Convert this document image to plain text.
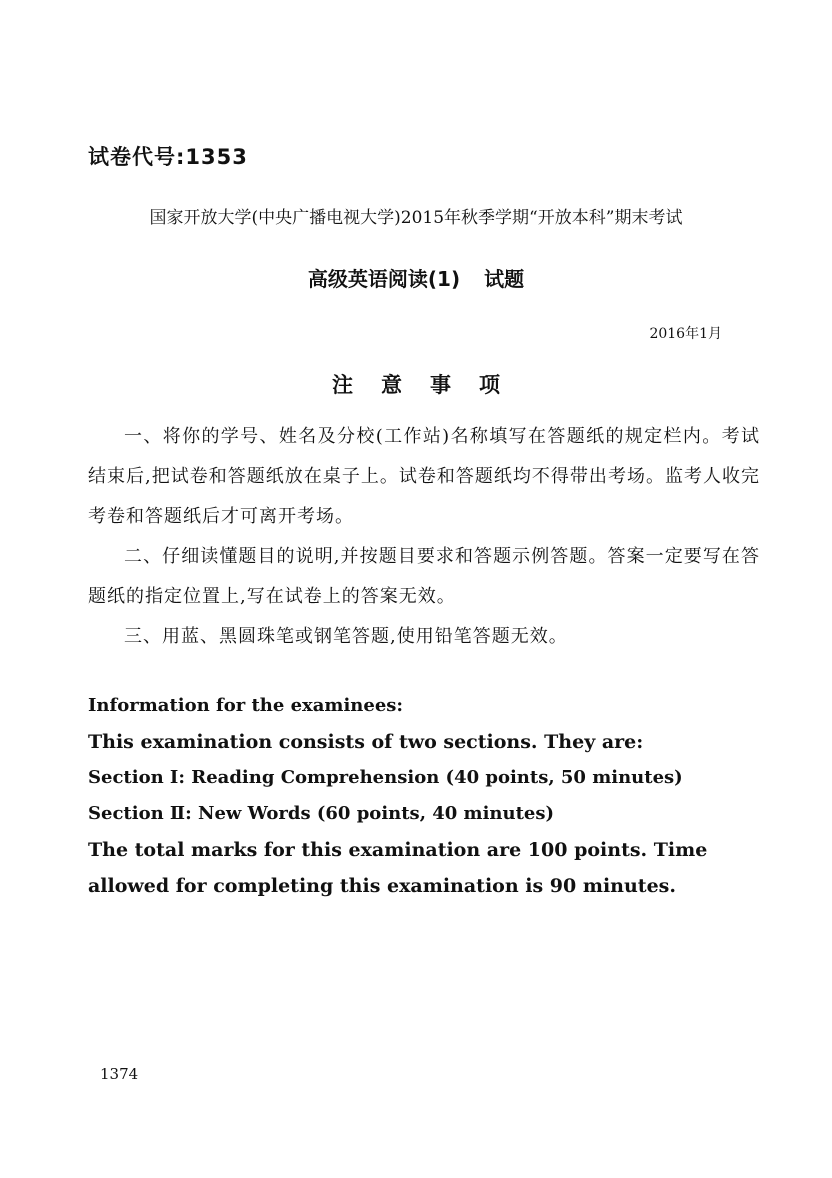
试卷代号:1353
国家开放大学(中央广播电视大学)2015年秋季学期“开放本科”期末考试
高级英语阅读(1) 试题
2016年1月
注意事项

一、将你的学号、姓名及分校(工作站)名称填写在答题纸的规定栏内。考试结束后,把试卷和答题纸放在桌子上。试卷和答题纸均不得带出考场。监考人收完考卷和答题纸后才可离开考场。

二、仔细读懂题目的说明,并按题目要求和答题示例答题。答案一定要写在答题纸的指定位置上,写在试卷上的答案无效。

三、用蓝、黑圆珠笔或钢笔答题,使用铅笔答题无效。

Information for the examinees:

This examination consists of two sections. They are:

Section Ⅰ: Reading Comprehension (40 points, 50 minutes)

Section Ⅱ: New Words (60 points, 40 minutes)

The total marks for this examination are 100 points. Time allowed for completing this examination is 90 minutes.

1374
